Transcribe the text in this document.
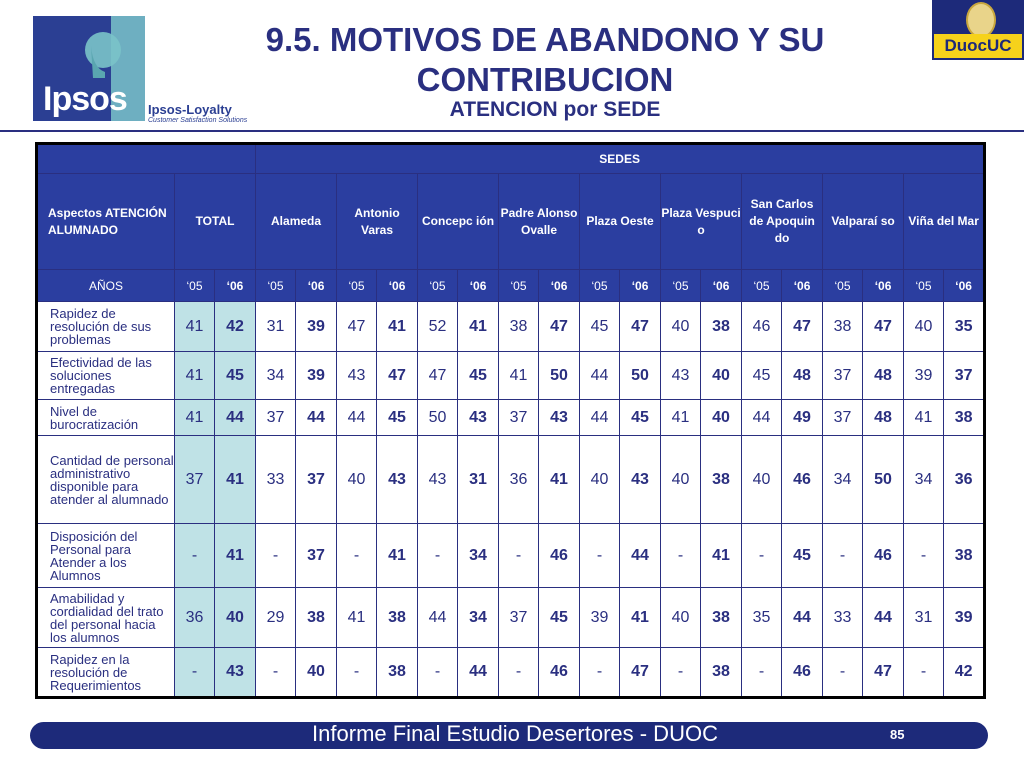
Ipsos Ipsos-Loyalty
Customer Satisfaction Solutions
9.5. MOTIVOS DE ABANDONO Y SU CONTRIBUCION
ATENCION por SEDE
DuocUC
			SEDES																	
Aspectos ATENCIÓN ALUMNADO	TOTAL		Alameda		Antonio Varas		Concepc ión		Padre Alonso Ovalle		Plaza Oeste		Plaza Vespuci o		San Carlos de Apoquin do		Valparaí so		Viña del Mar	
AÑOS	‘05	‘06	‘05	‘06	‘05	‘06	‘05	‘06	‘05	‘06	‘05	‘06	‘05	‘06	‘05	‘06	‘05	‘06	‘05	‘06
Rapidez de resolución de sus problemas	41	42	31	39	47	41	52	41	38	47	45	47	40	38	46	47	38	47	40	35
Efectividad de las soluciones entregadas	41	45	34	39	43	47	47	45	41	50	44	50	43	40	45	48	37	48	39	37
Nivel de burocratización	41	44	37	44	44	45	50	43	37	43	44	45	41	40	44	49	37	48	41	38
Cantidad de personal administrativo disponible para atender al alumnado	37	41	33	37	40	43	43	31	36	41	40	43	40	38	40	46	34	50	34	36
Disposición del Personal para Atender a los Alumnos	-	41	-	37	-	41	-	34	-	46	-	44	-	41	-	45	-	46	-	38
Amabilidad y cordialidad del trato del personal hacia los alumnos	36	40	29	38	41	38	44	34	37	45	39	41	40	38	35	44	33	44	31	39
Rapidez en la resolución de Requerimientos	-	43	-	40	-	38	-	44	-	46	-	47	-	38	-	46	-	47	-	42
Informe Final Estudio Desertores - DUOC	85
